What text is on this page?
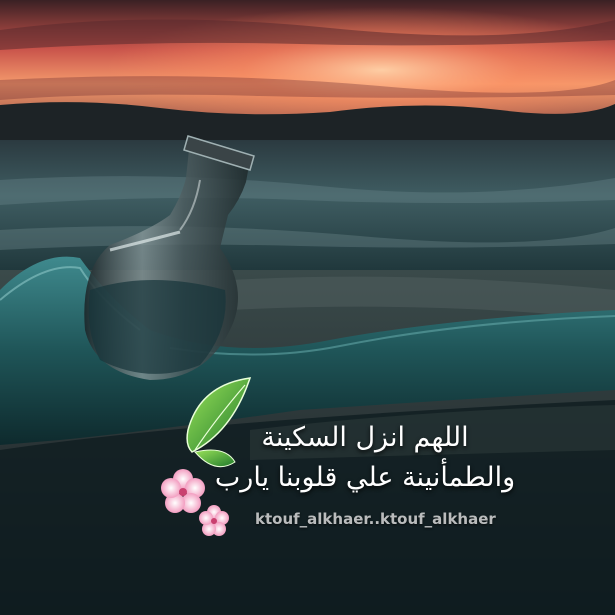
اللهم انزل السكينة
والطمأنينة علي قلوبنا يارب
ktouf_alkhaer..ktouf_alkhaer
